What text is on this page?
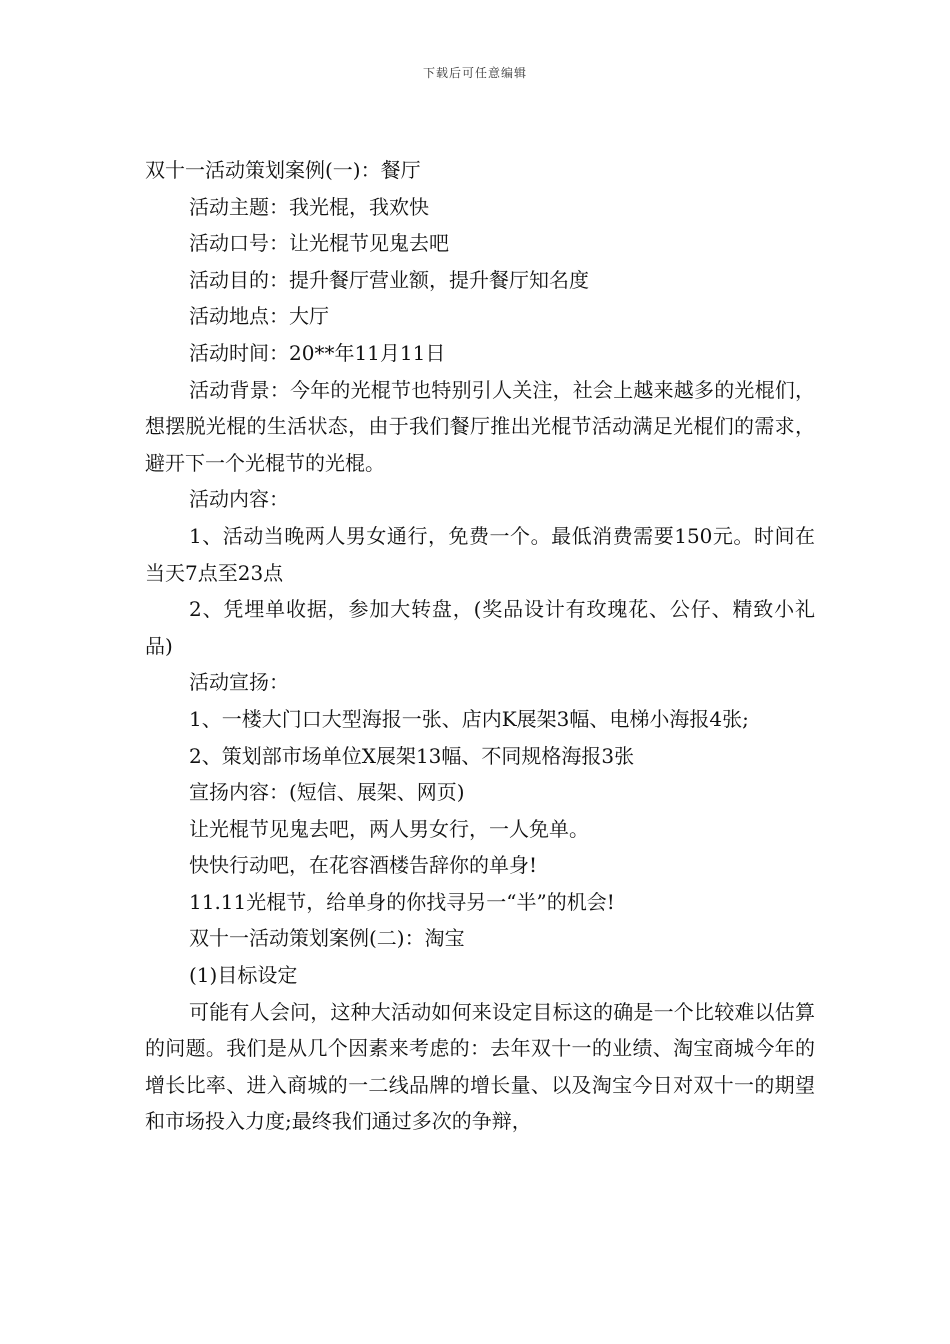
下载后可任意编辑

双十一活动策划案例(一)：餐厅

活动主题：我光棍，我欢快

活动口号：让光棍节见鬼去吧

活动目的：提升餐厅营业额，提升餐厅知名度

活动地点：大厅

活动时间：20**年11月11日

活动背景：今年的光棍节也特别引人关注，社会上越来越多的光棍们，想摆脱光棍的生活状态，由于我们餐厅推出光棍节活动满足光棍们的需求，避开下一个光棍节的光棍。

活动内容：

1、活动当晚两人男女通行，免费一个。最低消费需要150元。时间在当天7点至23点

2、凭埋单收据，参加大转盘，(奖品设计有玫瑰花、公仔、精致小礼品)

活动宣扬：

1、一楼大门口大型海报一张、店内K展架3幅、电梯小海报4张;

2、策划部市场单位X展架13幅、不同规格海报3张

宣扬内容：(短信、展架、网页)

让光棍节见鬼去吧，两人男女行，一人免单。

快快行动吧，在花容酒楼告辞你的单身!

11.11光棍节，给单身的你找寻另一“半”的机会!

双十一活动策划案例(二)：淘宝

(1)目标设定

可能有人会问，这种大活动如何来设定目标这的确是一个比较难以估算的问题。我们是从几个因素来考虑的：去年双十一的业绩、淘宝商城今年的增长比率、进入商城的一二线品牌的增长量、以及淘宝今日对双十一的期望和市场投入力度;最终我们通过多次的争辩，
